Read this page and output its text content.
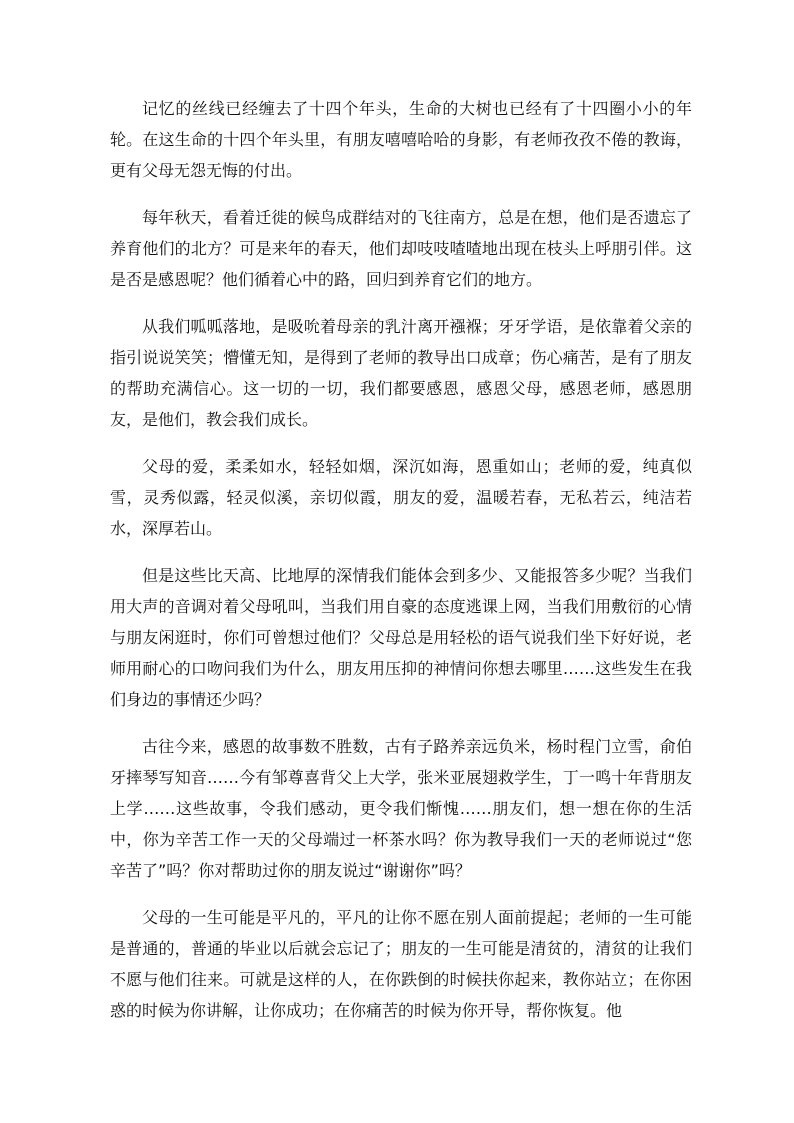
记忆的丝线已经缠去了十四个年头，生命的大树也已经有了十四圈小小的年轮。在这生命的十四个年头里，有朋友嘻嘻哈哈的身影，有老师孜孜不倦的教诲，更有父母无怨无悔的付出。

每年秋天，看着迁徙的候鸟成群结对的飞往南方，总是在想，他们是否遗忘了养育他们的北方？可是来年的春天，他们却吱吱喳喳地出现在枝头上呼朋引伴。这是否是感恩呢？他们循着心中的路，回归到养育它们的地方。

从我们呱呱落地，是吸吮着母亲的乳汁离开襁褓；牙牙学语，是依靠着父亲的指引说说笑笑；懵懂无知，是得到了老师的教导出口成章；伤心痛苦，是有了朋友的帮助充满信心。这一切的一切，我们都要感恩，感恩父母，感恩老师，感恩朋友，是他们，教会我们成长。

父母的爱，柔柔如水，轻轻如烟，深沉如海，恩重如山；老师的爱，纯真似雪，灵秀似露，轻灵似溪，亲切似霞，朋友的爱，温暖若春，无私若云，纯洁若水，深厚若山。

但是这些比天高、比地厚的深情我们能体会到多少、又能报答多少呢？当我们用大声的音调对着父母吼叫，当我们用自豪的态度逃课上网，当我们用敷衍的心情与朋友闲逛时，你们可曾想过他们？父母总是用轻松的语气说我们坐下好好说，老师用耐心的口吻问我们为什么，朋友用压抑的神情问你想去哪里……这些发生在我们身边的事情还少吗？

古往今来，感恩的故事数不胜数，古有子路养亲远负米，杨时程门立雪，俞伯牙摔琴写知音……今有邹尊喜背父上大学，张米亚展翅救学生，丁一鸣十年背朋友上学……这些故事，令我们感动，更令我们惭愧……朋友们，想一想在你的生活中，你为辛苦工作一天的父母端过一杯茶水吗？你为教导我们一天的老师说过“您辛苦了”吗？你对帮助过你的朋友说过“谢谢你”吗？

父母的一生可能是平凡的，平凡的让你不愿在别人面前提起；老师的一生可能是普通的，普通的毕业以后就会忘记了；朋友的一生可能是清贫的，清贫的让我们不愿与他们往来。可就是这样的人，在你跌倒的时候扶你起来，教你站立；在你困惑的时候为你讲解，让你成功；在你痛苦的时候为你开导，帮你恢复。他
